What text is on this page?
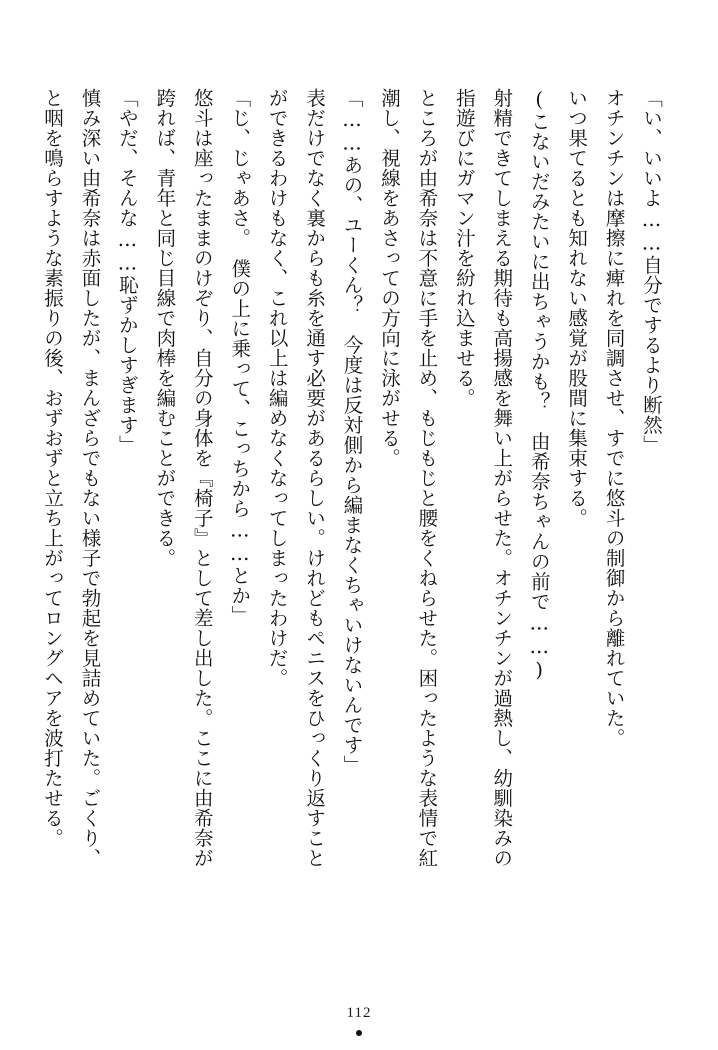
「い、いいよ……自分でするより断然」

オチンチンは摩擦に痺れを同調させ、すでに悠斗の制御から離れていた。

いつ果てるとも知れない感覚が股間に集束する。

(こないだみたいに出ちゃうかも？　由希奈ちゃんの前で……)

射精できてしまえる期待も高揚感を舞い上がらせた。オチンチンが過熱し、幼馴染みの

指遊びにガマン汁を紛れ込ませる。

ところが由希奈は不意に手を止め、もじもじと腰をくねらせた。困ったような表情で紅

潮し、視線をあさっての方向に泳がせる。

「……あの、ユーくん？　今度は反対側から編まなくちゃいけないんです」

表だけでなく裏からも糸を通す必要があるらしい。けれどもペニスをひっくり返すこと

ができるわけもなく、これ以上は編めなくなってしまったわけだ。

「じ、じゃあさ。　僕の上に乗って、こっちから……とか」

悠斗は座ったままのけぞり、自分の身体を『椅子』として差し出した。ここに由希奈が

跨れば、青年と同じ目線で肉棒を編むことができる。

「やだ、そんな……恥ずかしすぎます」

慎み深い由希奈は赤面したが、まんざらでもない様子で勃起を見詰めていた。ごくり、

と咽を鳴らすような素振りの後、おずおずと立ち上がってロングヘアを波打たせる。

112
